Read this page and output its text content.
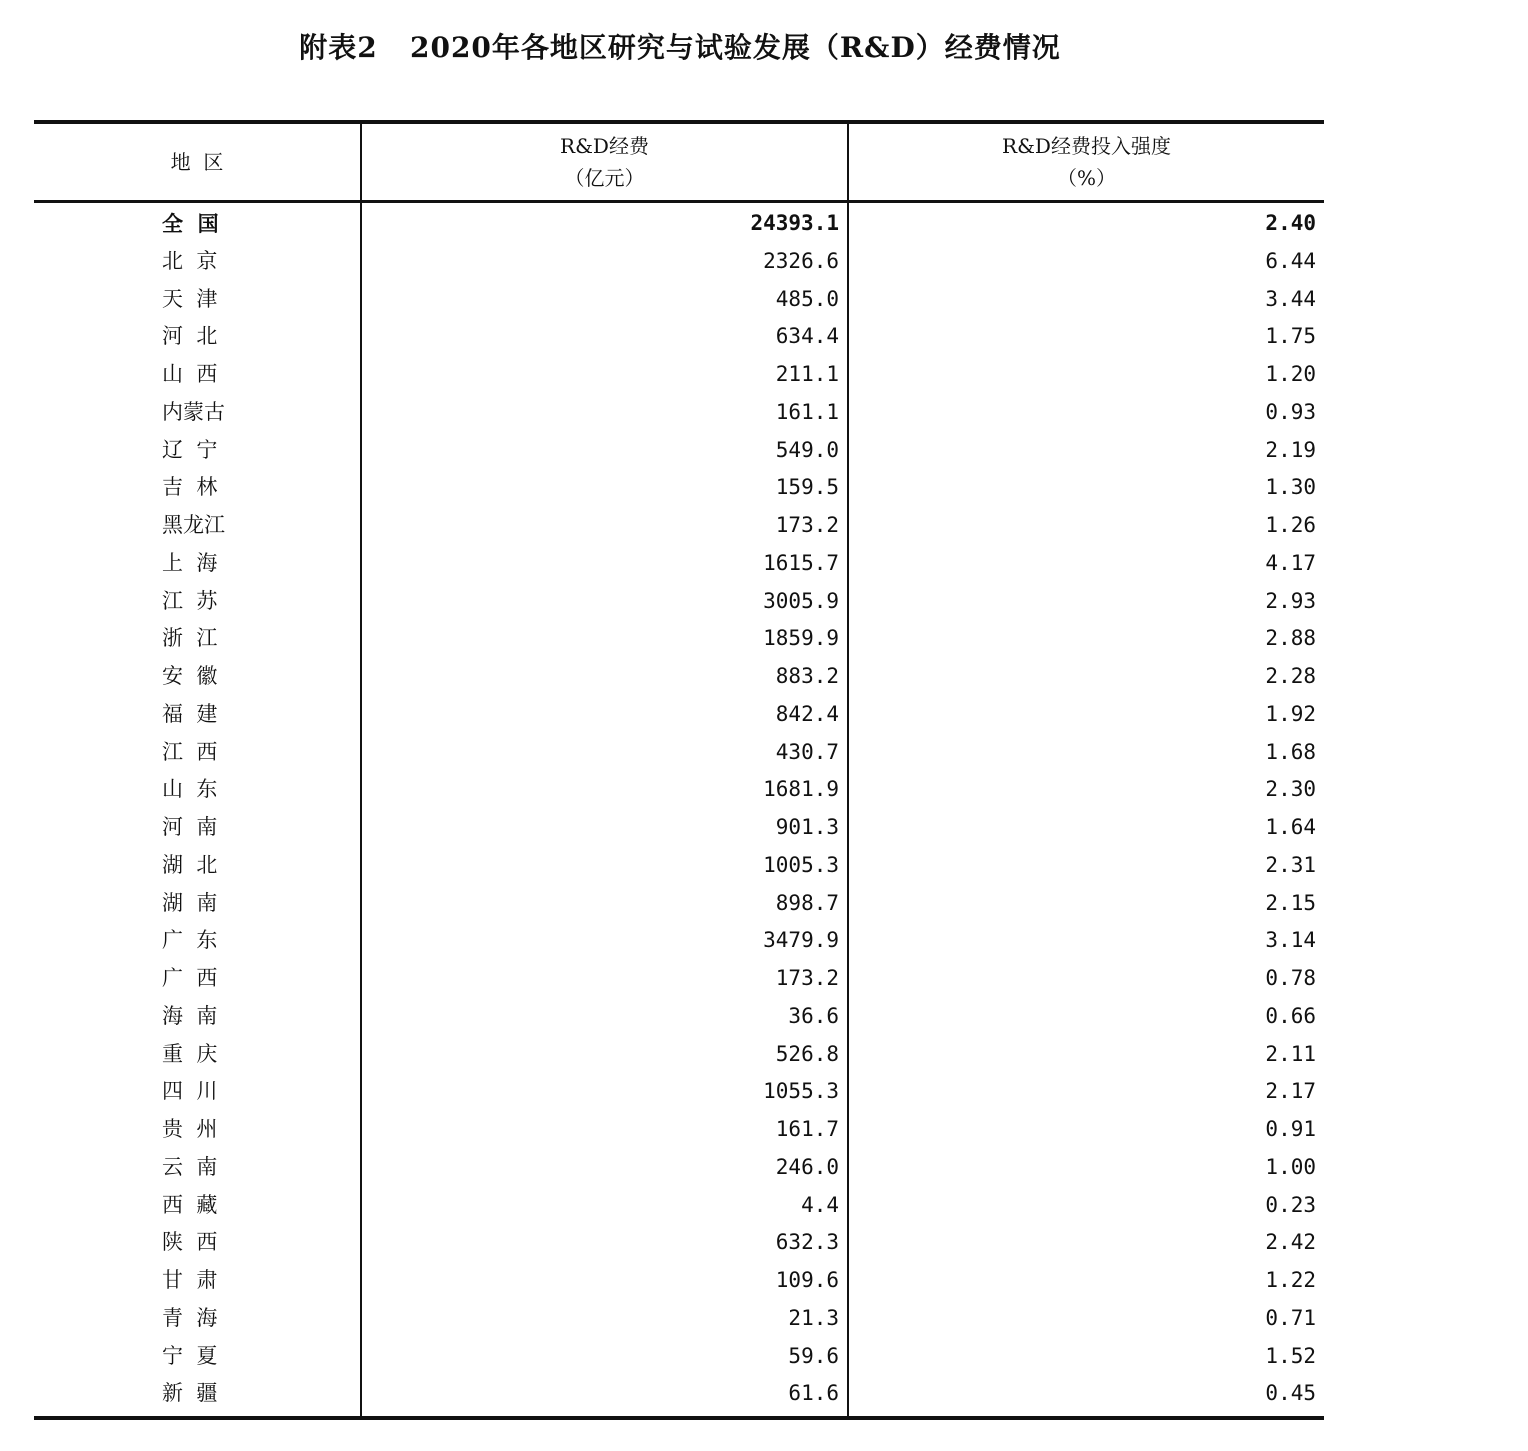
附表2   2020年各地区研究与试验发展（R&D）经费情况
地  区
R&D经费
（亿元）
R&D经费投入强度
（%）
全  国
北  京
天  津
河  北
山  西
内蒙古
辽  宁
吉  林
黑龙江
上  海
江  苏
浙  江
安  徽
福  建
江  西
山  东
河  南
湖  北
湖  南
广  东
广  西
海  南
重  庆
四  川
贵  州
云  南
西  藏
陕  西
甘  肃
青  海
宁  夏
新  疆
24393.1
2326.6
485.0
634.4
211.1
161.1
549.0
159.5
173.2
1615.7
3005.9
1859.9
883.2
842.4
430.7
1681.9
901.3
1005.3
898.7
3479.9
173.2
36.6
526.8
1055.3
161.7
246.0
4.4
632.3
109.6
21.3
59.6
61.6
2.40
6.44
3.44
1.75
1.20
0.93
2.19
1.30
1.26
4.17
2.93
2.88
2.28
1.92
1.68
2.30
1.64
2.31
2.15
3.14
0.78
0.66
2.11
2.17
0.91
1.00
0.23
2.42
1.22
0.71
1.52
0.45
